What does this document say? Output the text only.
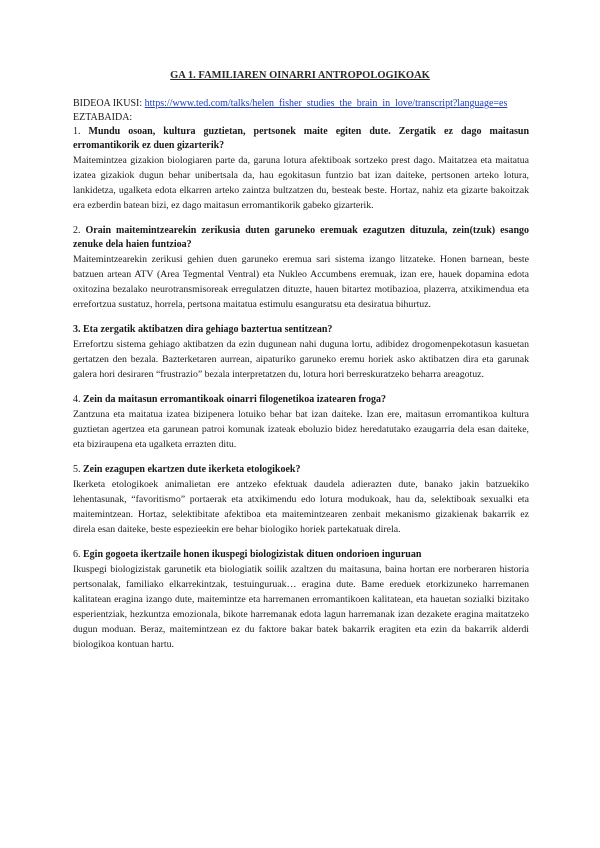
GA 1. FAMILIAREN OINARRI ANTROPOLOGIKOAK

BIDEOA IKUSI: https://www.ted.com/talks/helen_fisher_studies_the_brain_in_love/transcript?language=es

EZTABAIDA:

1. Mundu osoan, kultura guztietan, pertsonek maite egiten dute. Zergatik ez dago maitasun erromantikorik ez duen gizarterik?

Maitemintzea gizakion biologiaren parte da, garuna lotura afektiboak sortzeko prest dago. Maitatzea eta maitatua izatea gizakiok dugun behar unibertsala da, hau egokitasun funtzio bat izan daiteke, pertsonen arteko lotura, lankidetza, ugalketa edota elkarren arteko zaintza bultzatzen du, besteak beste. Hortaz, nahiz eta gizarte bakoitzak era ezberdin batean bizi, ez dago maitasun erromantikorik gabeko gizarterik.

2. Orain maitemintzearekin zerikusia duten garuneko eremuak ezagutzen dituzula, zein(tzuk) esango zenuke dela haien funtzioa?

Maitemintzearekin zerikusi gehien duen garuneko eremua sari sistema izango litzateke. Honen barnean, beste batzuen artean ATV (Area Tegmental Ventral) eta Nukleo Accumbens eremuak, izan ere, hauek dopamina edota oxitozina bezalako neurotransmisoreak erregulatzen dituzte, hauen bitartez motibazioa, plazerra, atxikimendua eta errefortzua sustatuz, horrela, pertsona maitatua estimulu esanguratsu eta desiratua bihurtuz.

3. Eta zergatik aktibatzen dira gehiago baztertua sentitzean?

Errefortzu sistema gehiago aktibatzen da ezin dugunean nahi duguna lortu, adibidez drogomenpekotasun kasuetan gertatzen den bezala. Bazterketaren aurrean, aipaturiko garuneko eremu horiek asko aktibatzen dira eta garunak galera hori desiraren “frustrazio” bezala interpretatzen du, lotura hori berreskuratzeko beharra areagotuz.

4. Zein da maitasun erromantikoak oinarri filogenetikoa izatearen froga?

Zantzuna eta maitatua izatea bizipenera lotuiko behar bat izan daiteke. Izan ere, maitasun erromantikoa kultura guztietan agertzea eta garunean patroi komunak izateak eboluzio bidez heredatutako ezaugarria dela esan daiteke, eta biziraupena eta ugalketa errazten ditu.

5. Zein ezagupen ekartzen dute ikerketa etologikoek?

Ikerketa etologikoek animalietan ere antzeko efektuak daudela adierazten dute, banako jakin batzuekiko lehentasunak, “favoritismo” portaerak eta atxikimendu edo lotura modukoak, hau da, selektiboak sexualki eta maitemintzean. Hortaz, selektibitate afektiboa eta maitemintzearen zenbait mekanismo gizakienak bakarrik ez direla esan daiteke, beste espezieekin ere behar biologiko horiek partekatuak direla.

6. Egin gogoeta ikertzaile honen ikuspegi biologizistak dituen ondorioen inguruan

Ikuspegi biologizistak garunetik eta biologiatik soilik azaltzen du maitasuna, baina hortan ere norberaren historia pertsonalak, familiako elkarrekintzak, testuinguruak… eragina dute. Bame ereduek etorkizuneko harremanen kalitatean eragina izango dute, maitemintze eta harremanen erromantikoen kalitatean, eta hauetan sozialki bizitako esperientziak, hezkuntza emozionala, bikote harremanak edota lagun harremanak izan dezakete eragina maitatzeko dugun moduan. Beraz, maitemintzean ez du faktore bakar batek bakarrik eragiten eta ezin da bakarrik alderdi biologikoa kontuan hartu.
